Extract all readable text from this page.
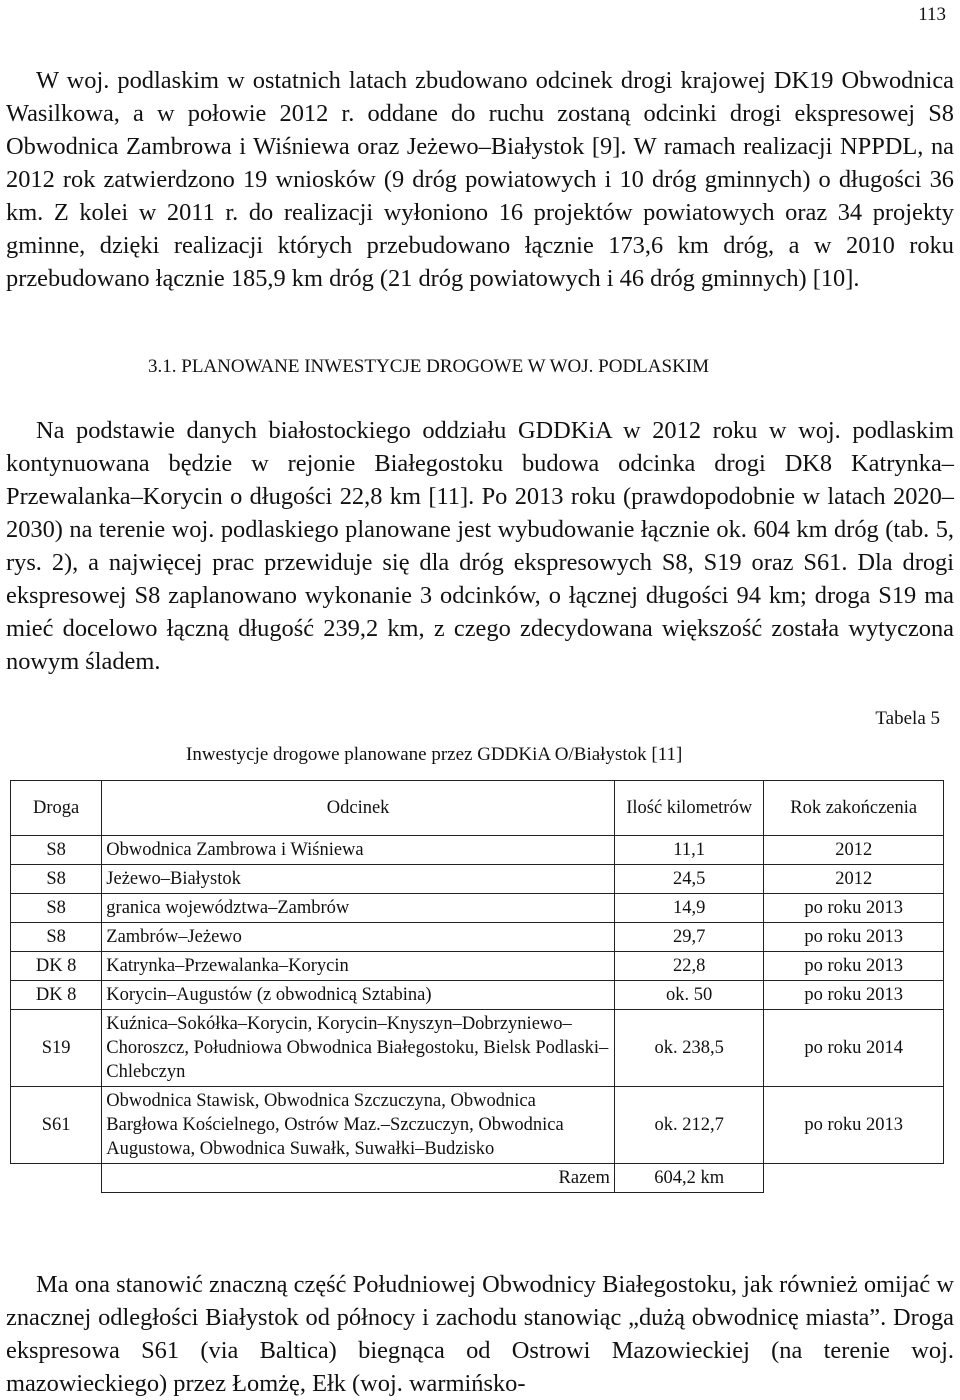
113

W woj. podlaskim w ostatnich latach zbudowano odcinek drogi krajowej DK19 Obwodnica Wasilkowa, a w połowie 2012 r. oddane do ruchu zostaną odcinki drogi ekspresowej S8 Obwodnica Zambrowa i Wiśniewa oraz Jeżewo–Białystok [9]. W ramach realizacji NPPDL, na 2012 rok zatwierdzono 19 wniosków (9 dróg powiatowych i 10 dróg gminnych) o długości 36 km. Z kolei w 2011 r. do realizacji wyłoniono 16 projektów powiatowych oraz 34 projekty gminne, dzięki realizacji których przebudowano łącznie 173,6 km dróg, a w 2010 roku przebudowano łącznie 185,9 km dróg (21 dróg powiatowych i 46 dróg gminnych) [10].

3.1. PLANOWANE INWESTYCJE DROGOWE W WOJ. PODLASKIM

Na podstawie danych białostockiego oddziału GDDKiA w 2012 roku w woj. podlaskim kontynuowana będzie w rejonie Białegostoku budowa odcinka drogi DK8 Katrynka–Przewalanka–Korycin o długości 22,8 km [11]. Po 2013 roku (prawdopodobnie w latach 2020–2030) na terenie woj. podlaskiego planowane jest wybudowanie łącznie ok. 604 km dróg (tab. 5, rys. 2), a najwięcej prac przewiduje się dla dróg ekspresowych S8, S19 oraz S61. Dla drogi ekspresowej S8 zaplanowano wykonanie 3 odcinków, o łącznej długości 94 km; droga S19 ma mieć docelowo łączną długość 239,2 km, z czego zdecydowana większość została wytyczona nowym śladem.

Tabela 5
Inwestycje drogowe planowane przez GDDKiA O/Białystok [11]
Droga	Odcinek	Ilość kilometrów	Rok zakończenia
S8	Obwodnica Zambrowa i Wiśniewa	11,1	2012
S8	Jeżewo–Białystok	24,5	2012
S8	granica województwa–Zambrów	14,9	po roku 2013
S8	Zambrów–Jeżewo	29,7	po roku 2013
DK 8	Katrynka–Przewalanka–Korycin	22,8	po roku 2013
DK 8	Korycin–Augustów (z obwodnicą Sztabina)	ok. 50	po roku 2013
S19	Kuźnica–Sokółka–Korycin, Korycin–Knyszyn–Dobrzyniewo–Choroszcz, Południowa Obwodnica Białegostoku, Bielsk Podlaski–Chlebczyn	ok. 238,5	po roku 2014
S61	Obwodnica Stawisk, Obwodnica Szczuczyna, Obwodnica Bargłowa Kościelnego, Ostrów Maz.–Szczuczyn, Obwodnica Augustowa, Obwodnica Suwałk, Suwałki–Budzisko	ok. 212,7	po roku 2013
	Razem	604,2 km	

Ma ona stanowić znaczną część Południowej Obwodnicy Białegostoku, jak również omijać w znacznej odległości Białystok od północy i zachodu stanowiąc „dużą obwodnicę miasta”. Droga ekspresowa S61 (via Baltica) biegnąca od Ostrowi Mazowieckiej (na terenie woj. mazowieckiego) przez Łomżę, Ełk (woj. warmińsko-
